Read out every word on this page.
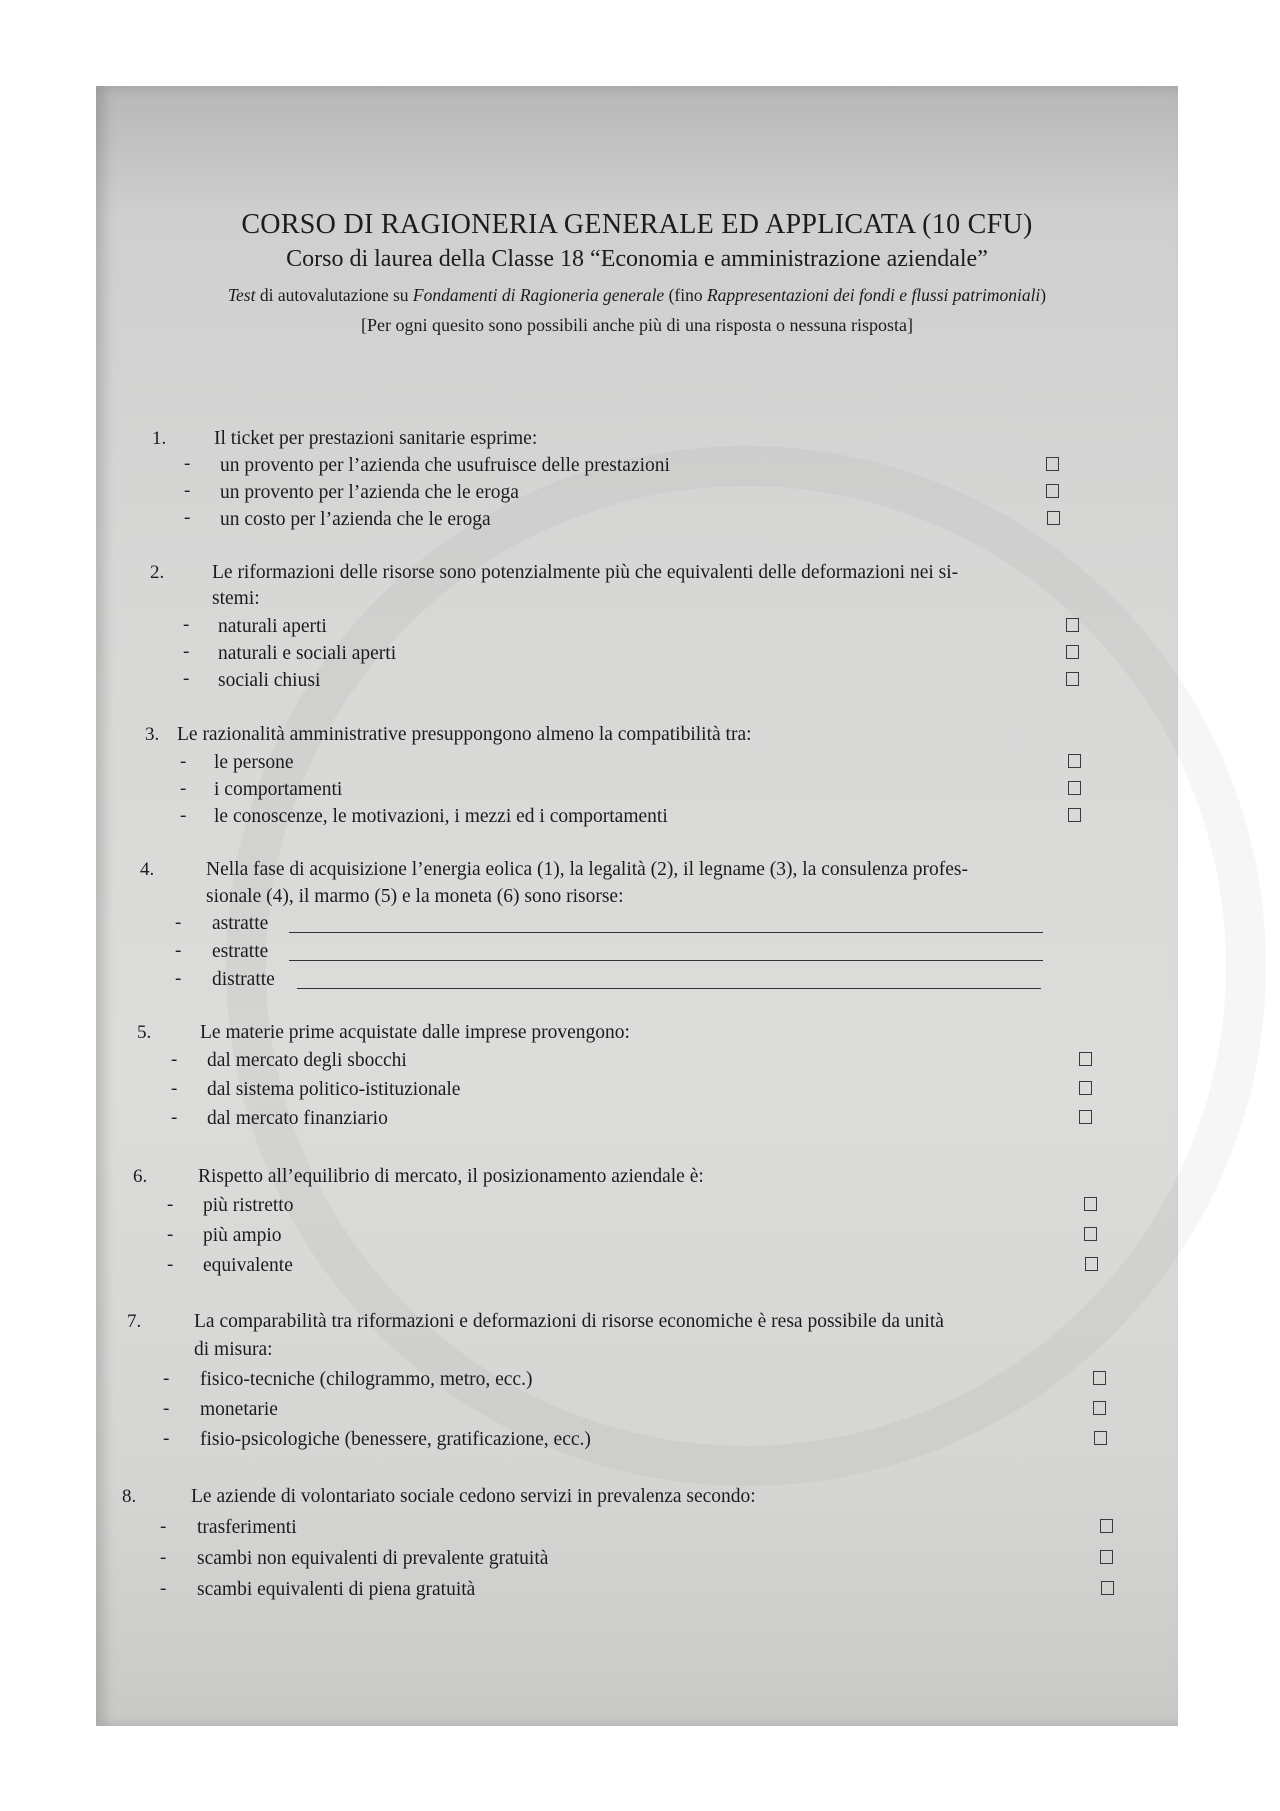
CORSO DI RAGIONERIA GENERALE ED APPLICATA (10 CFU)
Corso di laurea della Classe 18 “Economia e amministrazione aziendale”
Test di autovalutazione su Fondamenti di Ragioneria generale (fino Rappresentazioni dei fondi e flussi patrimoniali)
[Per ogni quesito sono possibili anche più di una risposta o nessuna risposta]
1. Il ticket per prestazioni sanitarie esprime:
- un provento per l’azienda che usufruisce delle prestazioni
- un provento per l’azienda che le eroga
- un costo per l’azienda che le eroga
2. Le riformazioni delle risorse sono potenzialmente più che equivalenti delle deformazioni nei si-
stemi:
- naturali aperti
- naturali e sociali aperti
- sociali chiusi
3. Le razionalità amministrative presuppongono almeno la compatibilità tra:
- le persone
- i comportamenti
- le conoscenze, le motivazioni, i mezzi ed i comportamenti
4.	Nella fase di acquisizione l’energia eolica (1), la legalità (2), il legname (3), la consulenza profes-
sionale (4), il marmo (5) e la moneta (6) sono risorse:
- astratte
- estratte
- distratte
5.	Le materie prime acquistate dalle imprese provengono:
- dal mercato degli sbocchi
- dal sistema politico-istituzionale
- dal mercato finanziario
6.	Rispetto all’equilibrio di mercato, il posizionamento aziendale è:
- più ristretto
- più ampio
- equivalente
7.	La comparabilità tra riformazioni e deformazioni di risorse economiche è resa possibile da unità
di misura:
- fisico-tecniche (chilogrammo, metro, ecc.)
- monetarie
- fisio-psicologiche (benessere, gratificazione, ecc.)
8.	Le aziende di volontariato sociale cedono servizi in prevalenza secondo:
- trasferimenti
- scambi non equivalenti di prevalente gratuità
- scambi equivalenti di piena gratuità
